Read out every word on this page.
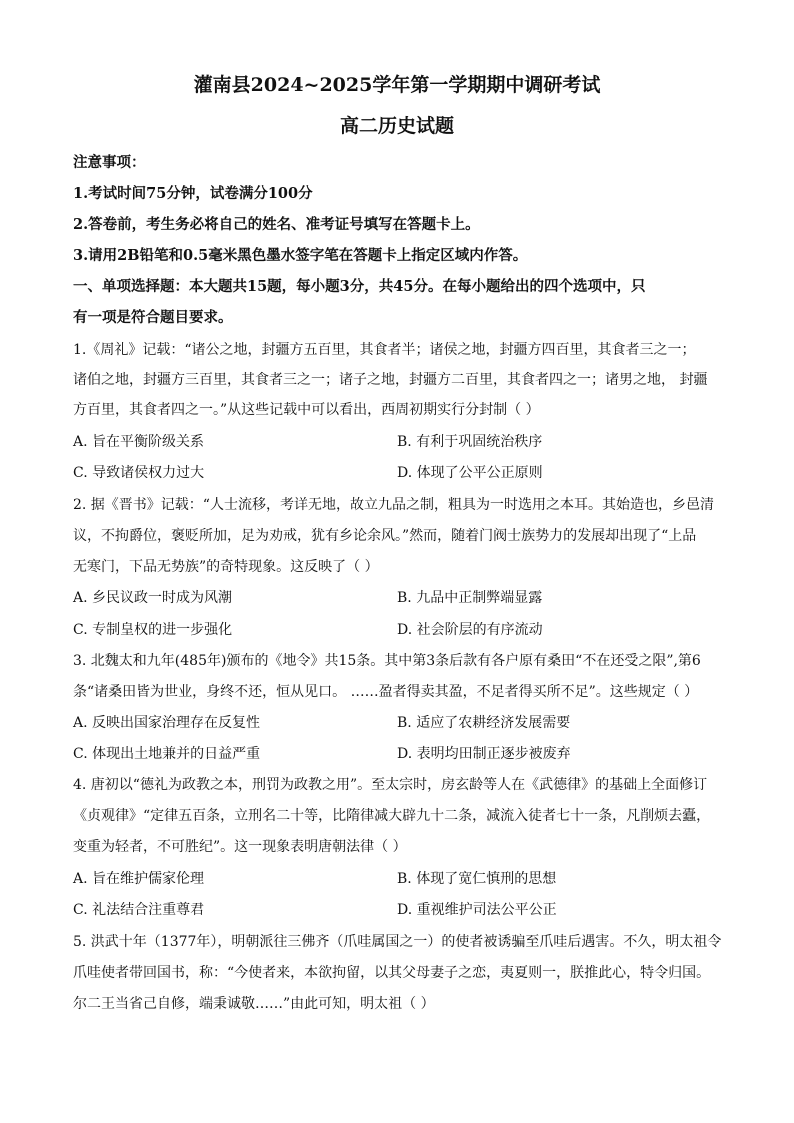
灌南县2024~2025学年第一学期期中调研考试
高二历史试题
注意事项：
1.考试时间75分钟，试卷满分100分
2.答卷前，考生务必将自己的姓名、准考证号填写在答题卡上。
3.请用2B铅笔和0.5毫米黑色墨水签字笔在答题卡上指定区域内作答。
一、单项选择题：本大题共15题，每小题3分，共45分。在每小题给出的四个选项中，只
有一项是符合题目要求。
1.《周礼》记载：“诸公之地，封疆方五百里，其食者半；诸侯之地，封疆方四百里，其食者三之一；
诸伯之地，封疆方三百里，其食者三之一；诸子之地，封疆方二百里，其食者四之一；诸男之地， 封疆
方百里，其食者四之一。”从这些记载中可以看出，西周初期实行分封制（ ）
A. 旨在平衡阶级关系	B. 有利于巩固统治秩序
C. 导致诸侯权力过大	D. 体现了公平公正原则
2. 据《晋书》记载：“人士流移，考详无地，故立九品之制，粗具为一时选用之本耳。其始造也，乡邑清
议，不拘爵位，褒贬所加，足为劝戒，犹有乡论余风。”然而，随着门阀士族势力的发展却出现了“上品
无寒门，下品无势族”的奇特现象。这反映了（ ）
A. 乡民议政一时成为风潮	B. 九品中正制弊端显露
C. 专制皇权的进一步强化	D. 社会阶层的有序流动
3. 北魏太和九年(485年)颁布的《地令》共15条。其中第3条后款有各户原有桑田“不在还受之限”,第6
条“诸桑田皆为世业，身终不还，恒从见口。 ……盈者得卖其盈，不足者得买所不足”。这些规定（ ）
A. 反映出国家治理存在反复性	B. 适应了农耕经济发展需要
C. 体现出土地兼并的日益严重	D. 表明均田制正逐步被废弃
4. 唐初以“德礼为政教之本，刑罚为政教之用”。至太宗时，房玄龄等人在《武德律》的基础上全面修订
《贞观律》“定律五百条，立刑名二十等，比隋律减大辟九十二条，减流入徒者七十一条，凡削烦去蠹，
变重为轻者，不可胜纪”。这一现象表明唐朝法律（ ）
A. 旨在维护儒家伦理	B. 体现了宽仁慎刑的思想
C. 礼法结合注重尊君	D. 重视维护司法公平公正
5. 洪武十年（1377年），明朝派往三佛齐（爪哇属国之一）的使者被诱骗至爪哇后遇害。不久，明太祖令
爪哇使者带回国书，称：“今使者来，本欲拘留，以其父母妻子之恋，夷夏则一，朕推此心，特令归国。
尔二王当省己自修，端秉诚敬……”由此可知，明太祖（ ）
